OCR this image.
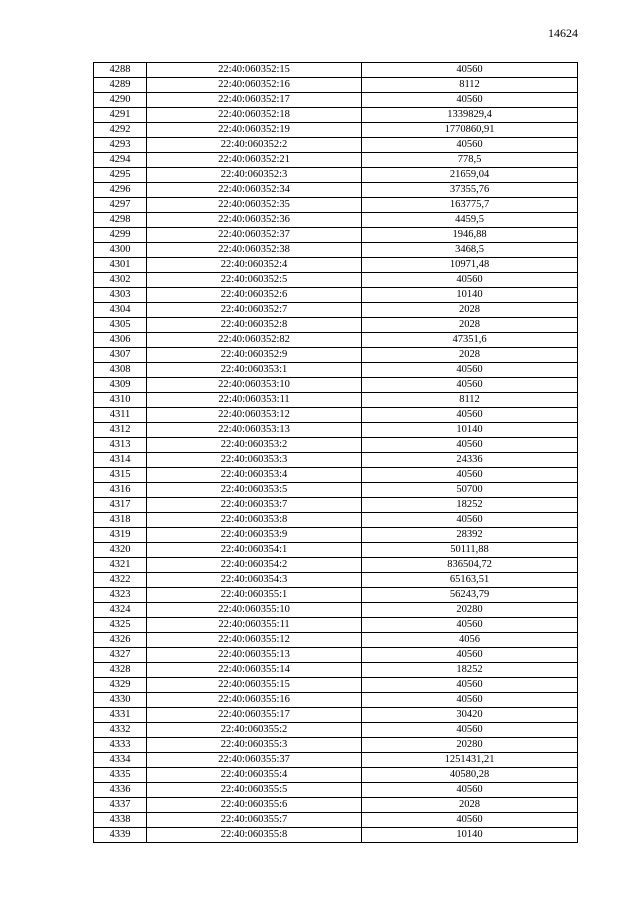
14624
4288	22:40:060352:15	40560
4289	22:40:060352:16	8112
4290	22:40:060352:17	40560
4291	22:40:060352:18	1339829,4
4292	22:40:060352:19	1770860,91
4293	22:40:060352:2	40560
4294	22:40:060352:21	778,5
4295	22:40:060352:3	21659,04
4296	22:40:060352:34	37355,76
4297	22:40:060352:35	163775,7
4298	22:40:060352:36	4459,5
4299	22:40:060352:37	1946,88
4300	22:40:060352:38	3468,5
4301	22:40:060352:4	10971,48
4302	22:40:060352:5	40560
4303	22:40:060352:6	10140
4304	22:40:060352:7	2028
4305	22:40:060352:8	2028
4306	22:40:060352:82	47351,6
4307	22:40:060352:9	2028
4308	22:40:060353:1	40560
4309	22:40:060353:10	40560
4310	22:40:060353:11	8112
4311	22:40:060353:12	40560
4312	22:40:060353:13	10140
4313	22:40:060353:2	40560
4314	22:40:060353:3	24336
4315	22:40:060353:4	40560
4316	22:40:060353:5	50700
4317	22:40:060353:7	18252
4318	22:40:060353:8	40560
4319	22:40:060353:9	28392
4320	22:40:060354:1	50111,88
4321	22:40:060354:2	836504,72
4322	22:40:060354:3	65163,51
4323	22:40:060355:1	56243,79
4324	22:40:060355:10	20280
4325	22:40:060355:11	40560
4326	22:40:060355:12	4056
4327	22:40:060355:13	40560
4328	22:40:060355:14	18252
4329	22:40:060355:15	40560
4330	22:40:060355:16	40560
4331	22:40:060355:17	30420
4332	22:40:060355:2	40560
4333	22:40:060355:3	20280
4334	22:40:060355:37	1251431,21
4335	22:40:060355:4	40580,28
4336	22:40:060355:5	40560
4337	22:40:060355:6	2028
4338	22:40:060355:7	40560
4339	22:40:060355:8	10140
